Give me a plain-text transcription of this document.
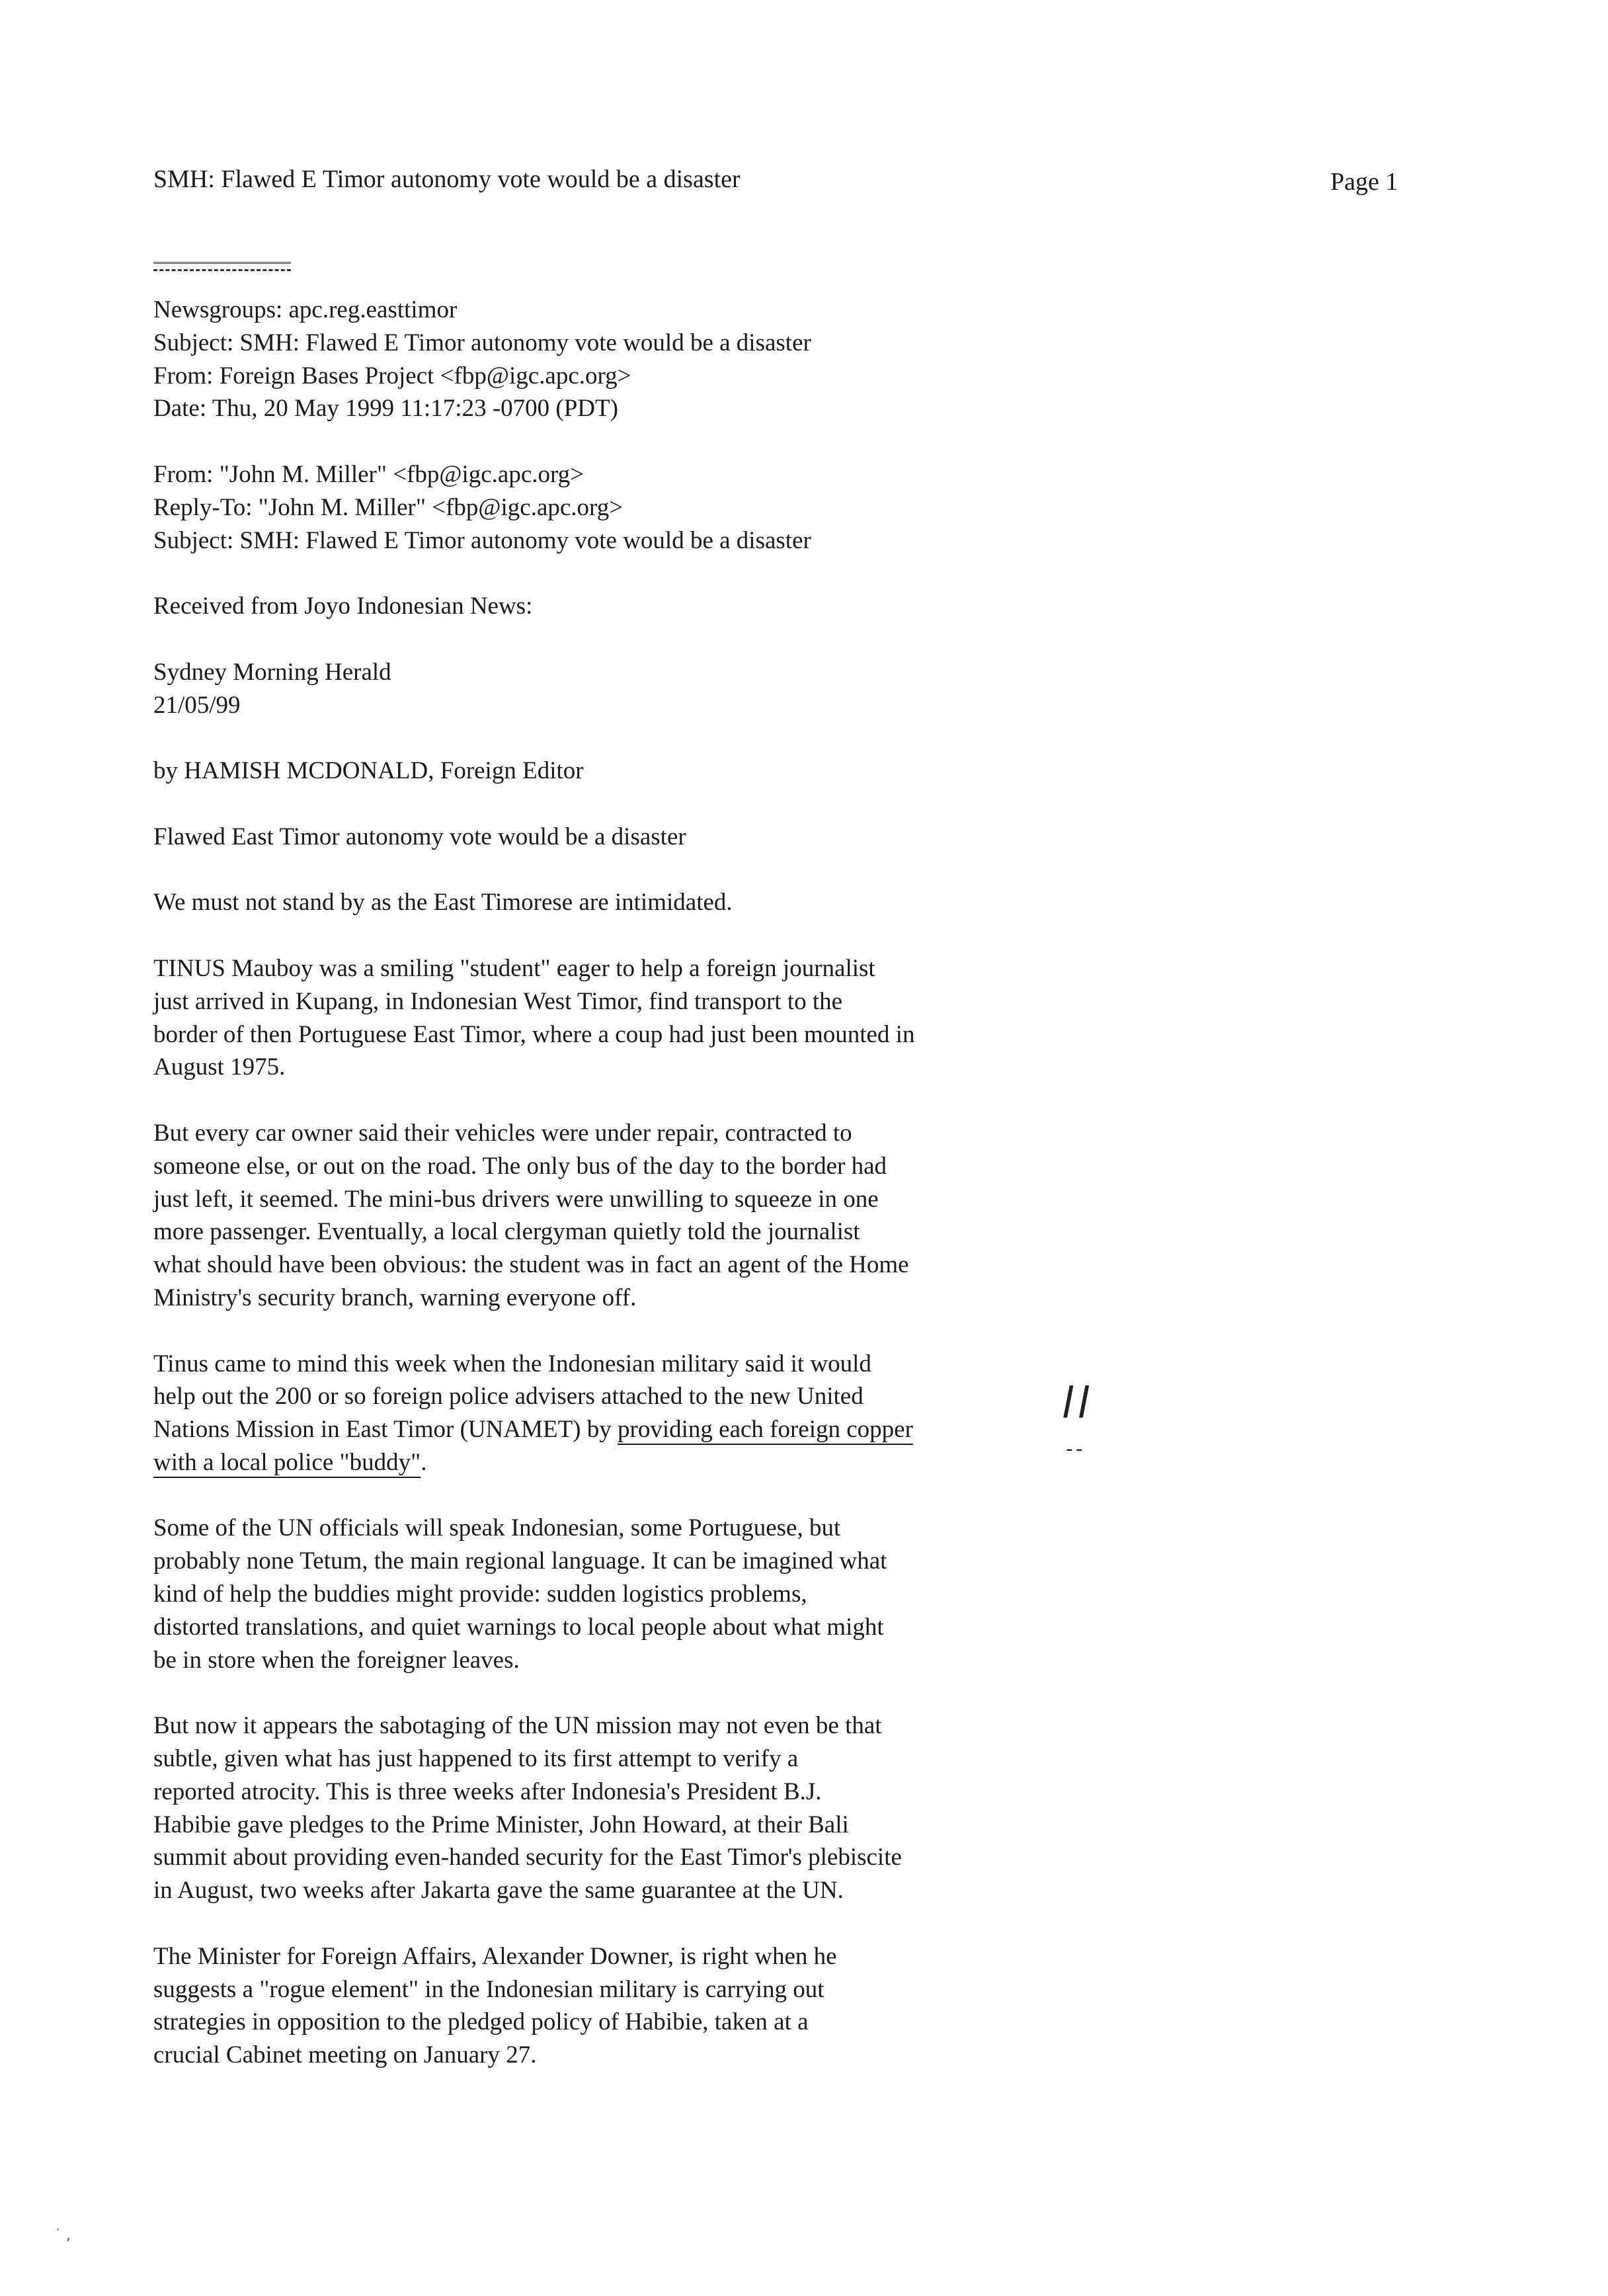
SMH: Flawed E Timor autonomy vote would be a disaster	Page 1
Newsgroups: apc.reg.easttimor
Subject: SMH: Flawed E Timor autonomy vote would be a disaster
From: Foreign Bases Project <fbp@igc.apc.org>
Date: Thu, 20 May 1999 11:17:23 -0700 (PDT)
From: "John M. Miller" <fbp@igc.apc.org>
Reply-To: "John M. Miller" <fbp@igc.apc.org>
Subject: SMH: Flawed E Timor autonomy vote would be a disaster
Received from Joyo Indonesian News:
Sydney Morning Herald
21/05/99
by HAMISH MCDONALD, Foreign Editor
Flawed East Timor autonomy vote would be a disaster
We must not stand by as the East Timorese are intimidated.
TINUS Mauboy was a smiling "student" eager to help a foreign journalist
just arrived in Kupang, in Indonesian West Timor, find transport to the
border of then Portuguese East Timor, where a coup had just been mounted in
August 1975.
But every car owner said their vehicles were under repair, contracted to
someone else, or out on the road. The only bus of the day to the border had
just left, it seemed. The mini-bus drivers were unwilling to squeeze in one
more passenger. Eventually, a local clergyman quietly told the journalist
what should have been obvious: the student was in fact an agent of the Home
Ministry's security branch, warning everyone off.
Tinus came to mind this week when the Indonesian military said it would
help out the 200 or so foreign police advisers attached to the new United
Nations Mission in East Timor (UNAMET) by providing each foreign copper
with a local police "buddy".
Some of the UN officials will speak Indonesian, some Portuguese, but
probably none Tetum, the main regional language. It can be imagined what
kind of help the buddies might provide: sudden logistics problems,
distorted translations, and quiet warnings to local people about what might
be in store when the foreigner leaves.
But now it appears the sabotaging of the UN mission may not even be that
subtle, given what has just happened to its first attempt to verify a
reported atrocity. This is three weeks after Indonesia's President B.J.
Habibie gave pledges to the Prime Minister, John Howard, at their Bali
summit about providing even-handed security for the East Timor's plebiscite
in August, two weeks after Jakarta gave the same guarantee at the UN.
The Minister for Foreign Affairs, Alexander Downer, is right when he
suggests a "rogue element" in the Indonesian military is carrying out
strategies in opposition to the pledged policy of Habibie, taken at a
crucial Cabinet meeting on January 27.
ll
--
˙ ,
